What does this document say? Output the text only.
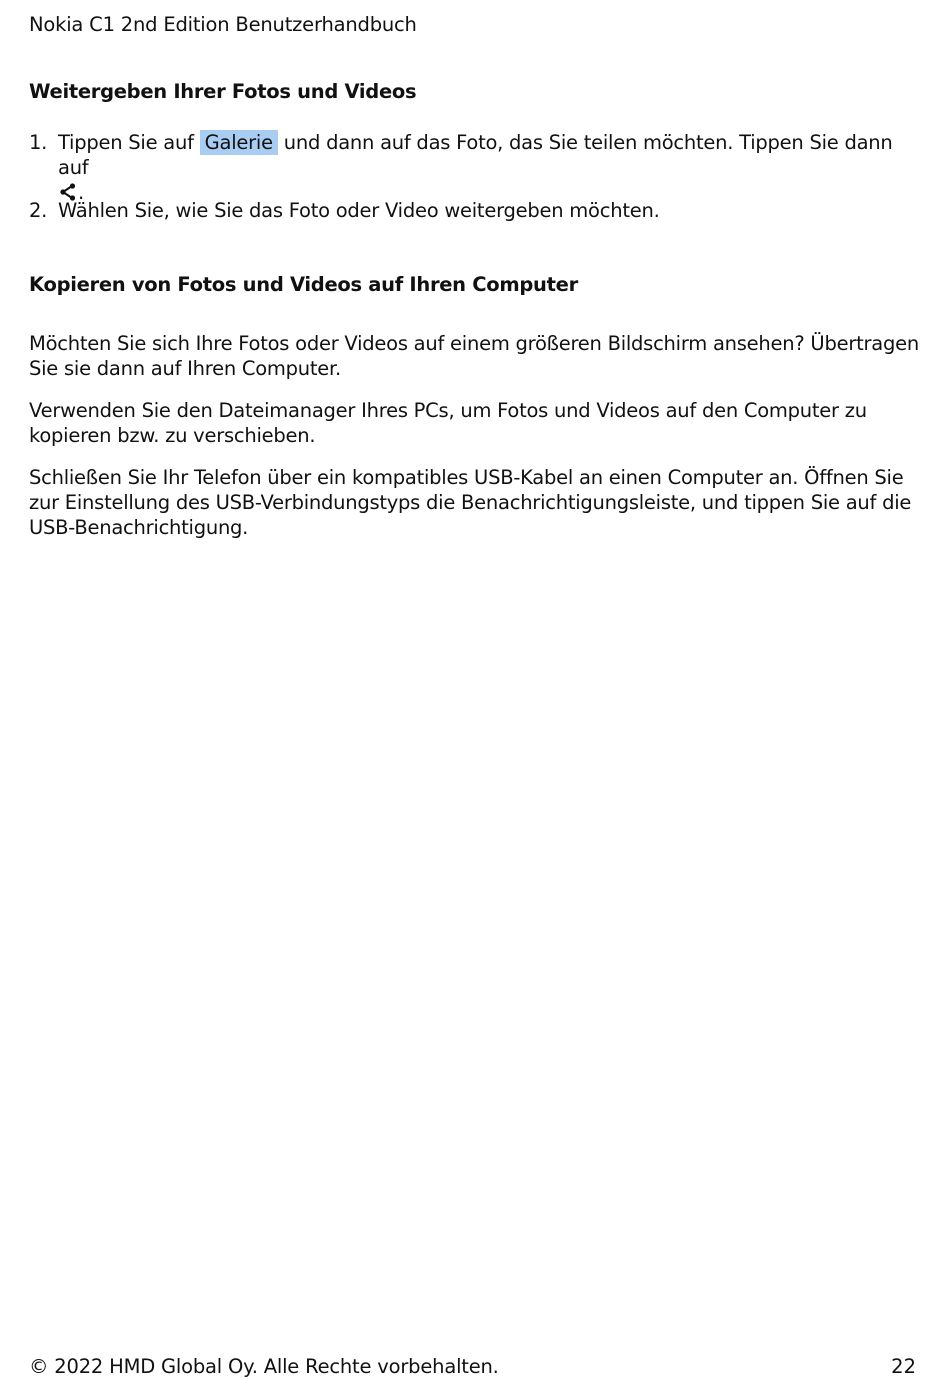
Nokia C1 2nd Edition Benutzerhandbuch
Weitergeben Ihrer Fotos und Videos
1. Tippen Sie auf Galerie und dann auf das Foto, das Sie teilen möchten. Tippen Sie dann auf
.
2. Wählen Sie, wie Sie das Foto oder Video weitergeben möchten.
Kopieren von Fotos und Videos auf Ihren Computer
Möchten Sie sich Ihre Fotos oder Videos auf einem größeren Bildschirm ansehen? Übertragen Sie sie dann auf Ihren Computer.
Verwenden Sie den Dateimanager Ihres PCs, um Fotos und Videos auf den Computer zu kopieren bzw. zu verschieben.
Schließen Sie Ihr Telefon über ein kompatibles USB-Kabel an einen Computer an. Öffnen Sie zur Einstellung des USB-Verbindungstyps die Benachrichtigungsleiste, und tippen Sie auf die USB-Benachrichtigung.
© 2022 HMD Global Oy. Alle Rechte vorbehalten.	22
